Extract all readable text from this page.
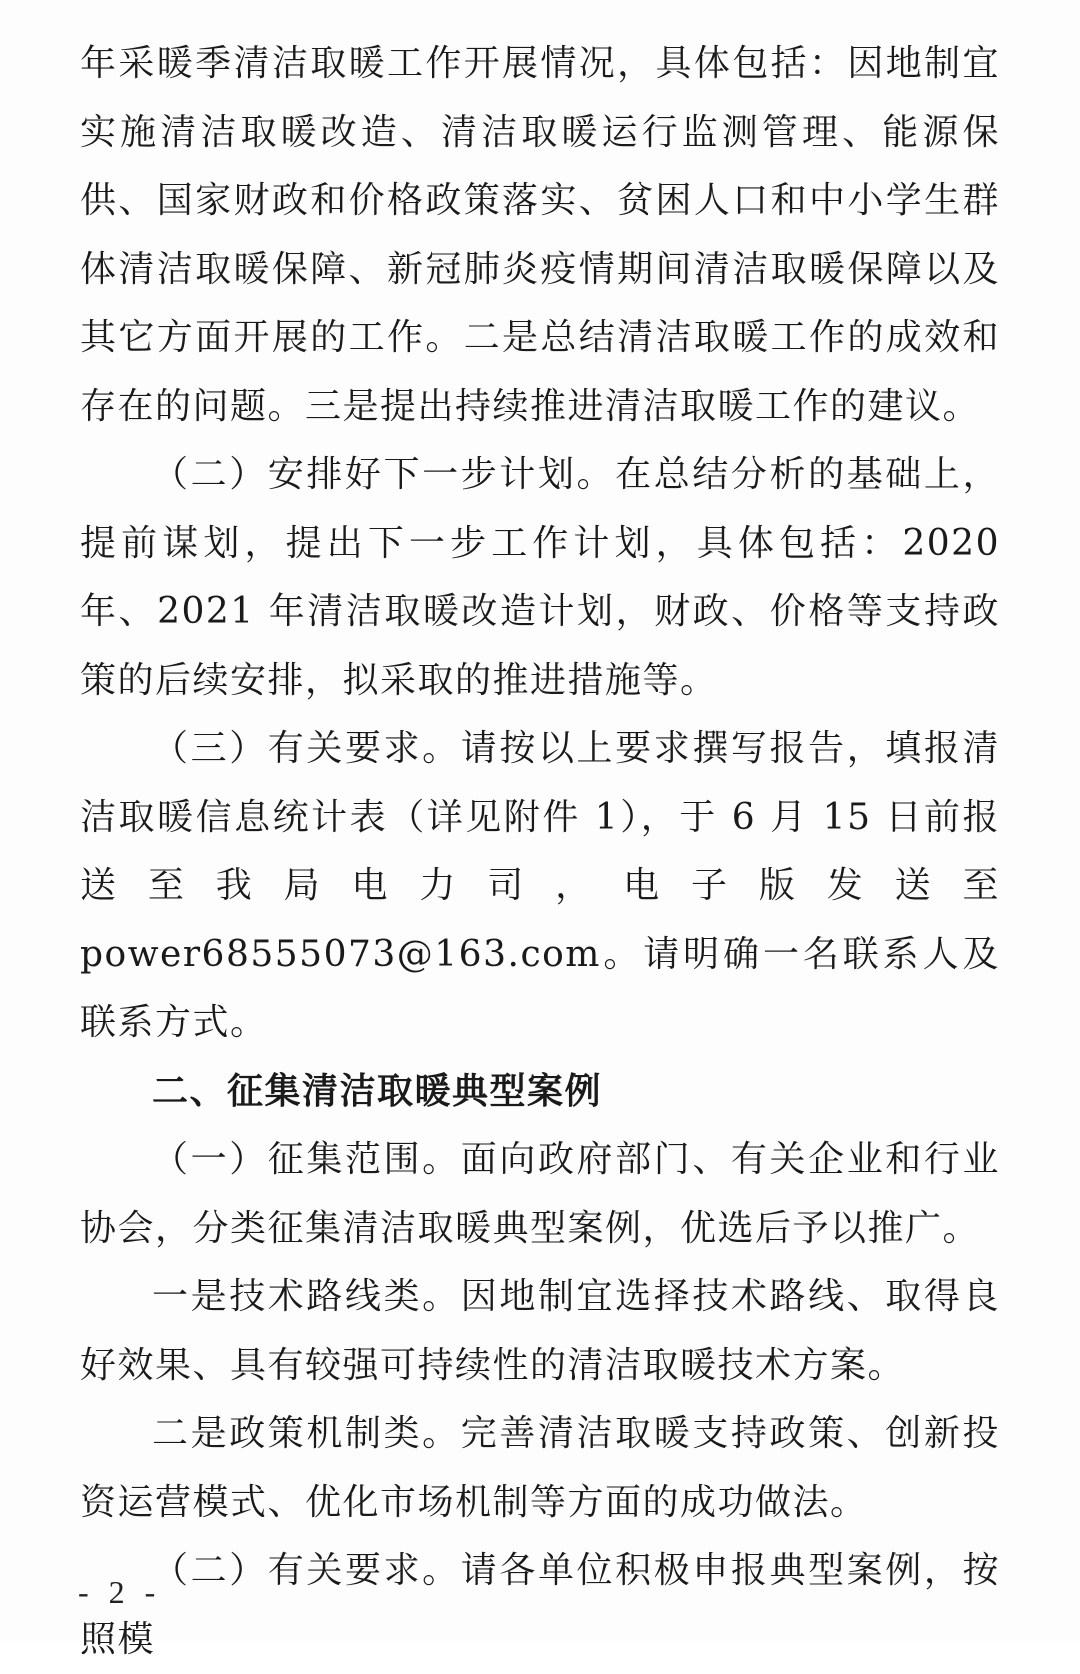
年采暖季清洁取暖工作开展情况，具体包括：因地制宜实施清洁取暖改造、清洁取暖运行监测管理、能源保供、国家财政和价格政策落实、贫困人口和中小学生群体清洁取暖保障、新冠肺炎疫情期间清洁取暖保障以及其它方面开展的工作。二是总结清洁取暖工作的成效和存在的问题。三是提出持续推进清洁取暖工作的建议。

（二）安排好下一步计划。在总结分析的基础上，提前谋划，提出下一步工作计划，具体包括：2020 年、2021 年清洁取暖改造计划，财政、价格等支持政策的后续安排，拟采取的推进措施等。

（三）有关要求。请按以上要求撰写报告，填报清洁取暖信息统计表（详见附件 1），于 6 月 15 日前报送至我局电力司，电子版发送至 power68555073@163.com。请明确一名联系人及联系方式。

二、征集清洁取暖典型案例

（一）征集范围。面向政府部门、有关企业和行业协会，分类征集清洁取暖典型案例，优选后予以推广。

一是技术路线类。因地制宜选择技术路线、取得良好效果、具有较强可持续性的清洁取暖技术方案。

二是政策机制类。完善清洁取暖支持政策、创新投资运营模式、优化市场机制等方面的成功做法。

（二）有关要求。请各单位积极申报典型案例，按照模

- 2 -
